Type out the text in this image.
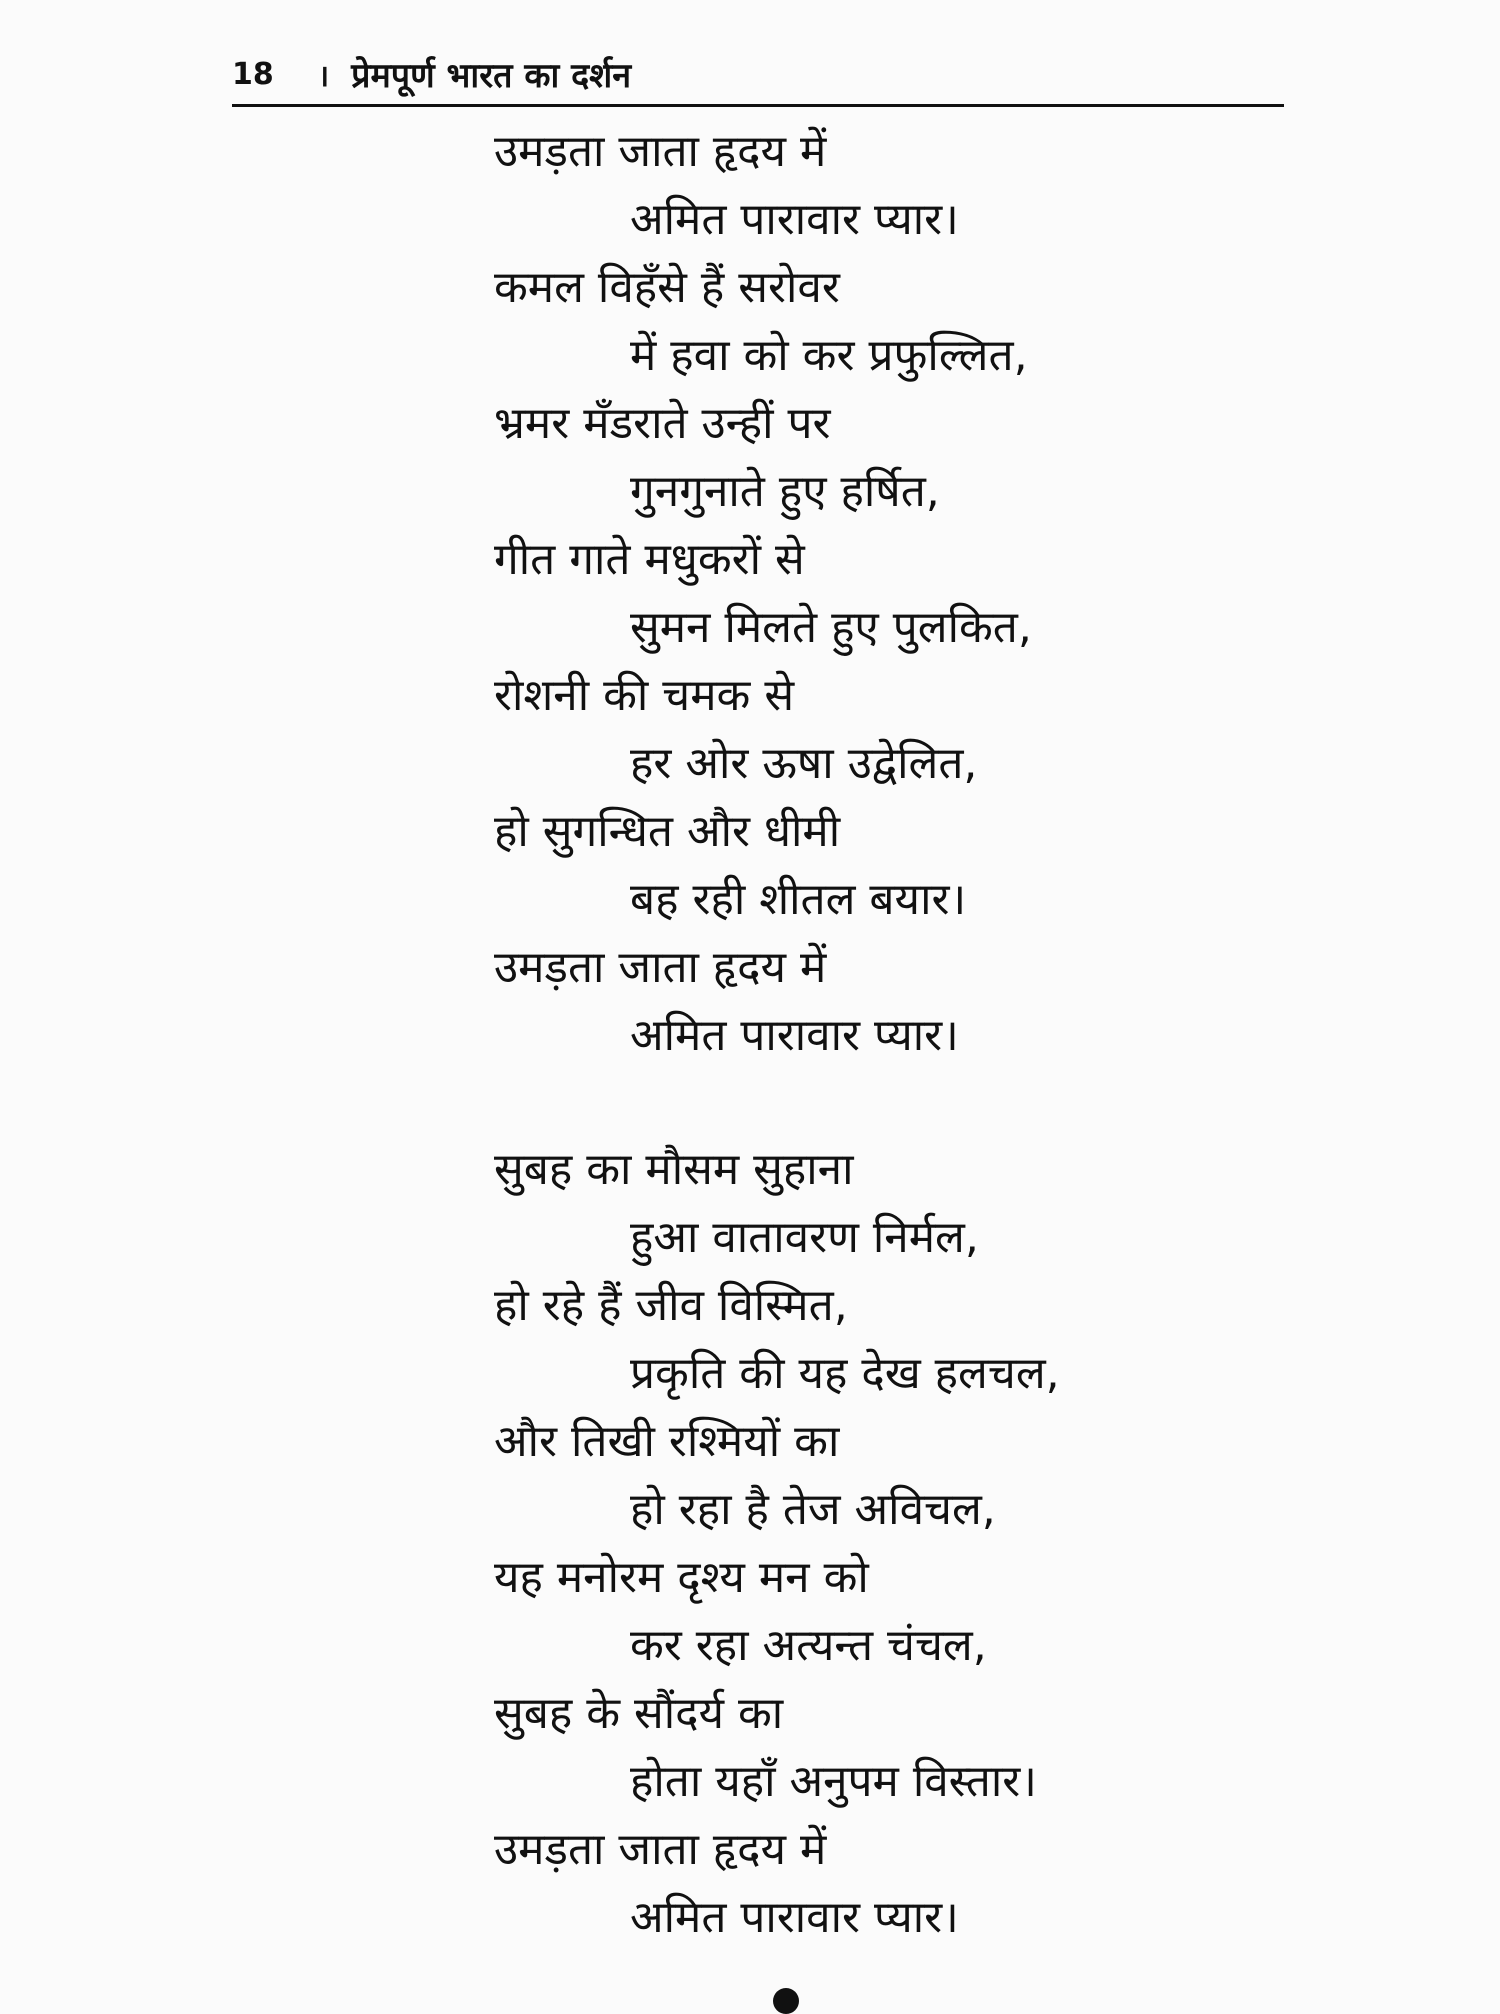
18 । प्रेमपूर्ण भारत का दर्शन
उमड़ता जाता हृदय में
अमित पारावार प्यार।
कमल विहँसे हैं सरोवर
में हवा को कर प्रफुल्लित,
भ्रमर मँडराते उन्हीं पर
गुनगुनाते हुए हर्षित,
गीत गाते मधुकरों से
सुमन मिलते हुए पुलकित,
रोशनी की चमक से
हर ओर ऊषा उद्वेलित,
हो सुगन्धित और धीमी
बह रही शीतल बयार।
उमड़ता जाता हृदय में
अमित पारावार प्यार।
सुबह का मौसम सुहाना
हुआ वातावरण निर्मल,
हो रहे हैं जीव विस्मित,
प्रकृति की यह देख हलचल,
और तिखी रश्मियों का
हो रहा है तेज अविचल,
यह मनोरम दृश्य मन को
कर रहा अत्यन्त चंचल,
सुबह के सौंदर्य का
होता यहाँ अनुपम विस्तार।
उमड़ता जाता हृदय में
अमित पारावार प्यार।
